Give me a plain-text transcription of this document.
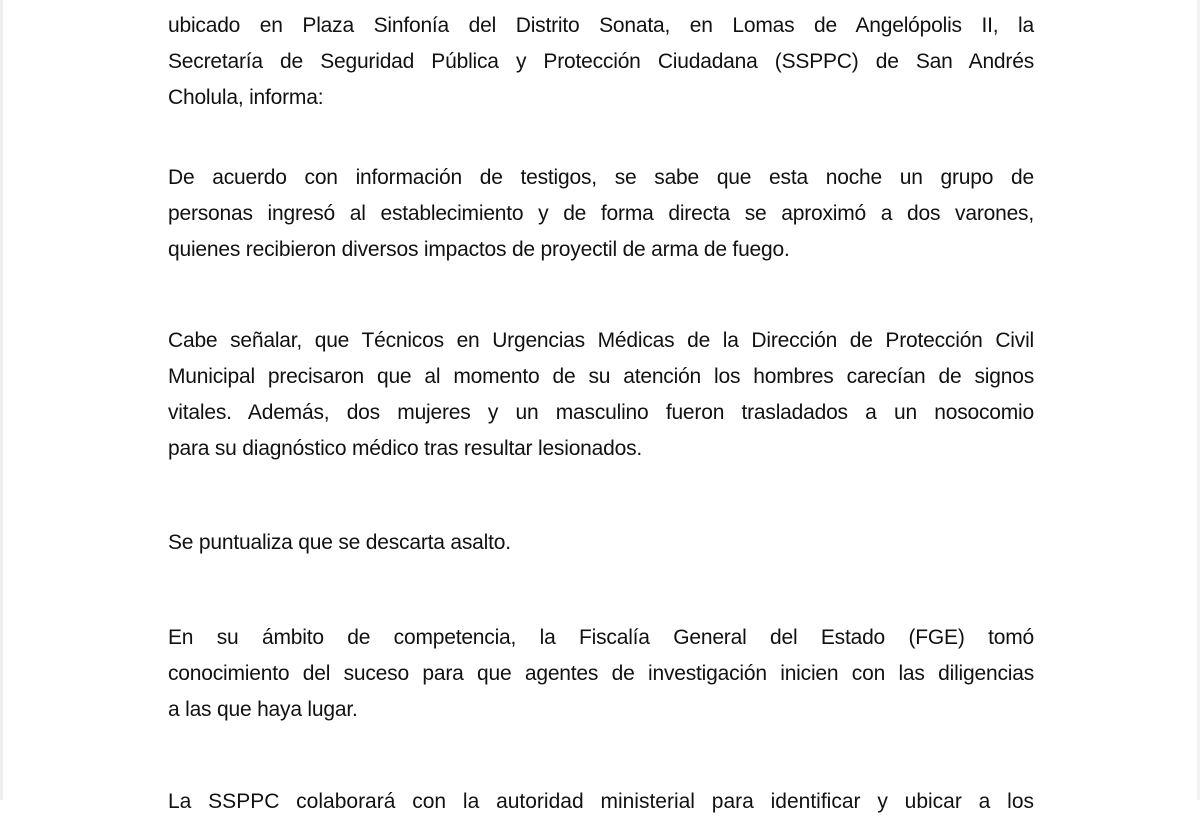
ubicado en Plaza Sinfonía del Distrito Sonata, en Lomas de Angelópolis II, la
Secretaría de Seguridad Pública y Protección Ciudadana (SSPPC) de San Andrés
Cholula, informa:
De acuerdo con información de testigos, se sabe que esta noche un grupo de
personas ingresó al establecimiento y de forma directa se aproximó a dos varones,
quienes recibieron diversos impactos de proyectil de arma de fuego.
Cabe señalar, que Técnicos en Urgencias Médicas de la Dirección de Protección Civil
Municipal precisaron que al momento de su atención los hombres carecían de signos
vitales. Además, dos mujeres y un masculino fueron trasladados a un nosocomio
para su diagnóstico médico tras resultar lesionados.
Se puntualiza que se descarta asalto.
En su ámbito de competencia, la Fiscalía General del Estado (FGE) tomó
conocimiento del suceso para que agentes de investigación inicien con las diligencias
a las que haya lugar.
La SSPPC colaborará con la autoridad ministerial para identificar y ubicar a los
